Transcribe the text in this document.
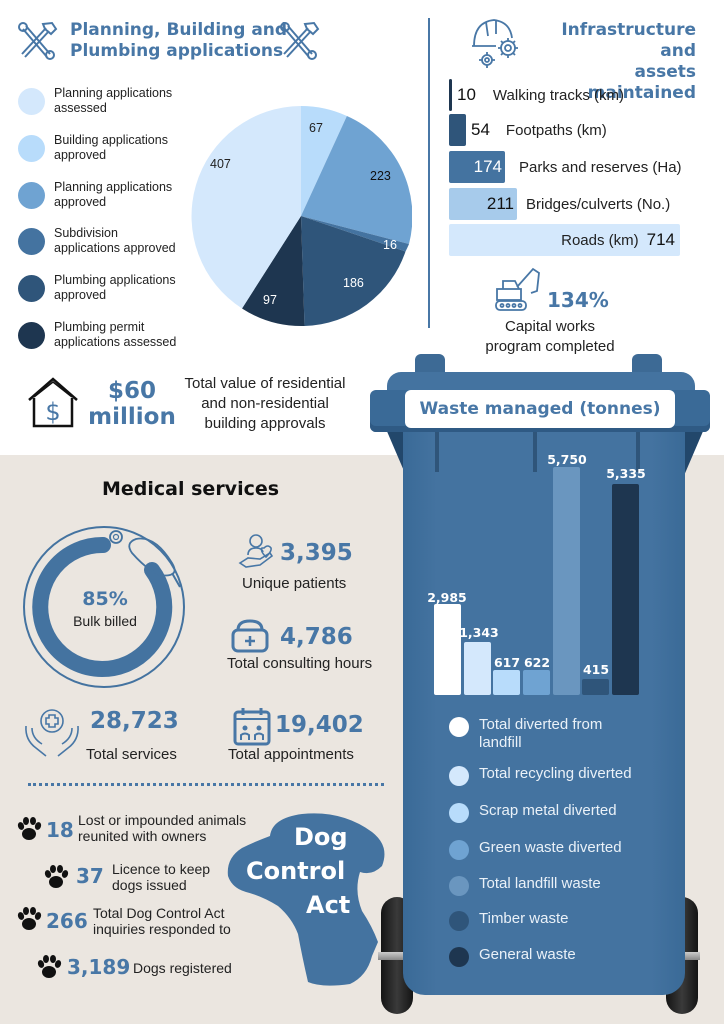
Planning, Building and
Plumbing applications
Planning applications
assessed
Building applications
approved
Planning applications
approved
Subdivision
applications approved
Plumbing applications
approved
Plumbing permit
applications assessed
407
67
223
16
186
97
Infrastructure and
assets maintained
10 Walking tracks (km)
54 Footpaths (km)
174 Parks and reserves (Ha)
211 Bridges/culverts (No.)
Roads (km) 714
134%
Capital works
program completed
$
$60
million
Total value of residential
and non-residential
building approvals
Medical services
85%
Bulk billed
3,395
Unique patients
4,786
Total consulting hours
28,723
Total services
19,402
Total appointments
Dog
Control
Act
18 Lost or impounded animals
reunited with owners
37 Licence to keep
dogs issued
266 Total Dog Control Act
inquiries responded to
3,189 Dogs registered
Waste managed (tonnes)
2,985
1,343
617 622
5,750
415
5,335
Total diverted from
landfill
Total recycling diverted
Scrap metal diverted
Green waste diverted
Total landfill waste
Timber waste
General waste
